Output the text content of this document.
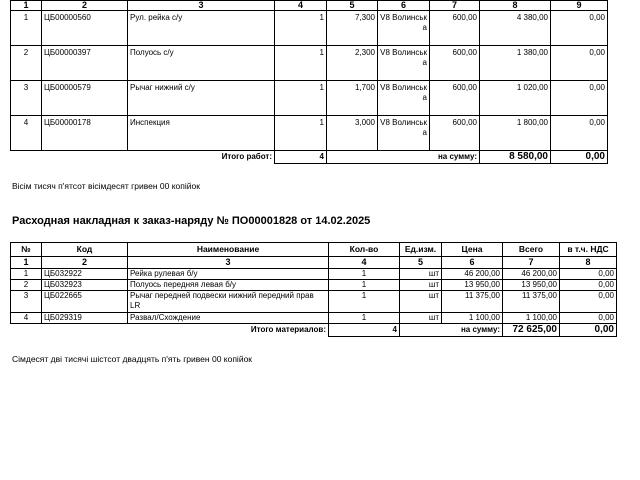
1	2	3	4	5	6	7	8	9
1	ЦБ00000560	Рул. рейка с/у	1	7,300	V8 Волинськ а	600,00	4 380,00	0,00
2	ЦБ00000397	Полуось с/у	1	2,300	V8 Волинськ а	600,00	1 380,00	0,00
3	ЦБ00000579	Рычаг нижний с/у	1	1,700	V8 Волинськ а	600,00	1 020,00	0,00
4	ЦБ00000178	Инспекция	1	3,000	V8 Волинськ а	600,00	1 800,00	0,00
Итого работ:			4	на сумму:			8 580,00	0,00
Вісім тисяч п'ятсот вісімдесят гривен 00 копійок
Расходная накладная к заказ-наряду № ПО00001828 от 14.02.2025
№	Код	Наименование	Кол-во	Ед.изм.	Цена	Всего	в т.ч. НДС
1	2	3	4	5	6	7	8
1	ЦБ032922	Рейка рулевая б/у	1	шт	46 200,00	46 200,00	0,00
2	ЦБ032923	Полуось передняя левая б/у	1	шт	13 950,00	13 950,00	0,00
3	ЦБ022665	Рычаг передней подвески нижний передний прав LR	1	шт	11 375,00	11 375,00	0,00
4	ЦБ029319	Развал/Схождение	1	шт	1 100,00	1 100,00	0,00
Итого материалов:			4	на сумму:		72 625,00	0,00
Сімдесят дві тисячі шістсот двадцять п'ять гривен 00 копійок
